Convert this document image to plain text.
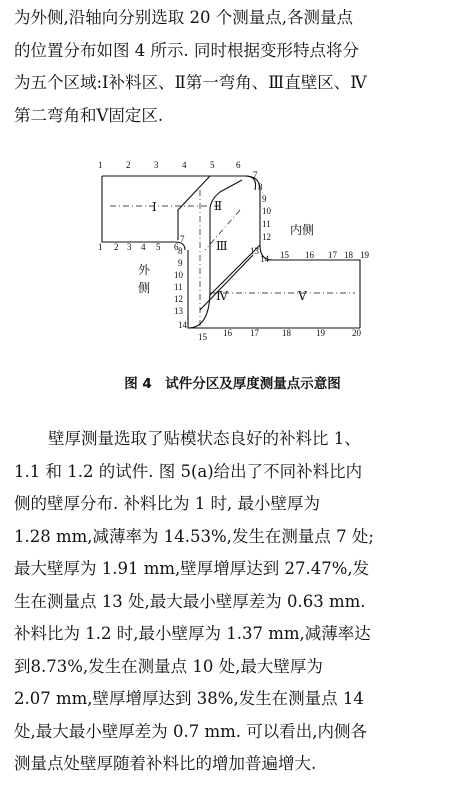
为外侧,沿轴向分别选取 20 个测量点,各测量点
的位置分布如图 4 所示. 同时根据变形特点将分
为五个区域:Ⅰ补料区、Ⅱ第一弯角、Ⅲ直壁区、Ⅳ
第二弯角和Ⅴ固定区.
1	2	3	4	5 6
1 2 3 4 5 6
7
8
9
10
11
12
13
14 15 16 17 18 19
7
8
9
10
11
12
13
14
15 16 17	18	19	20
Ⅰ	Ⅱ
Ⅲ
Ⅳ	Ⅴ
内侧
外
侧
图 4　试件分区及厚度测量点示意图
壁厚测量选取了贴模状态良好的补料比 1、
1.1 和 1.2 的试件. 图 5(a)给出了不同补料比内
侧的壁厚分布. 补料比为 1 时, 最小壁厚为
1.28 mm,减薄率为 14.53%,发生在测量点 7 处;
最大壁厚为 1.91 mm,壁厚增厚达到 27.47%,发
生在测量点 13 处,最大最小壁厚差为 0.63 mm.
补料比为 1.2 时,最小壁厚为 1.37 mm,减薄率达
到8.73%,发生在测量点 10 处,最大壁厚为
2.07 mm,壁厚增厚达到 38%,发生在测量点 14
处,最大最小壁厚差为 0.7 mm. 可以看出,内侧各
测量点处壁厚随着补料比的增加普遍增大.
